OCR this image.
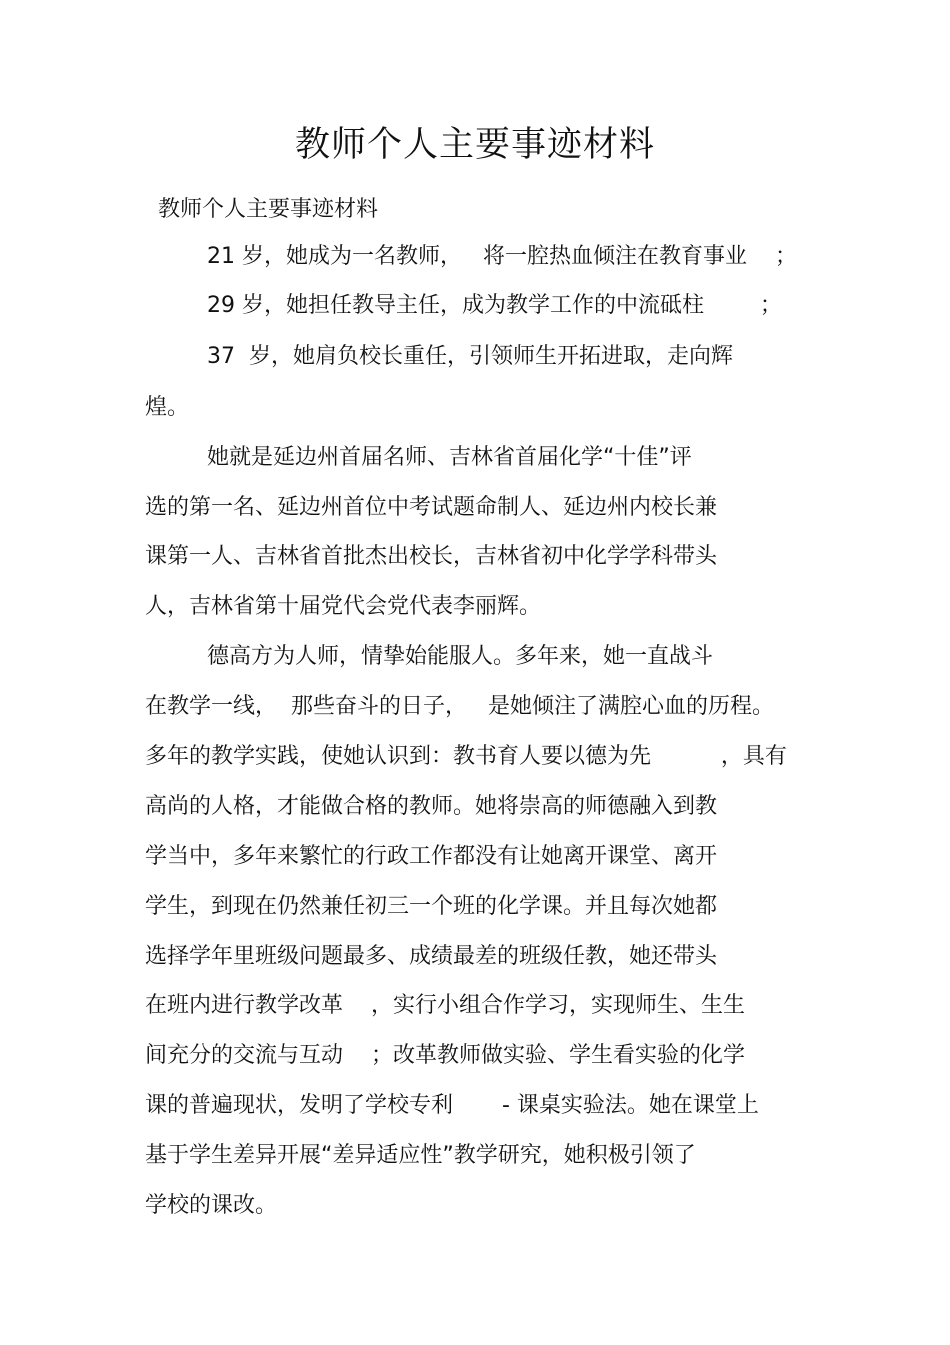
教师个人主要事迹材料
教师个人主要事迹材料
21 岁，她成为一名教师，   将一腔热血倾注在教育事业    ；
29 岁，她担任教导主任，成为教学工作的中流砥柱        ；
37  岁，她肩负校长重任，引领师生开拓进取，走向辉
煌。
她就是延边州首届名师、吉林省首届化学“十佳”评
选的第一名、延边州首位中考试题命制人、延边州内校长兼
课第一人、吉林省首批杰出校长，吉林省初中化学学科带头
人，吉林省第十届党代会党代表李丽辉。
德高方为人师，情挚始能服人。多年来，她一直战斗
在教学一线，  那些奋斗的日子，   是她倾注了满腔心血的历程。
多年的教学实践，使她认识到：教书育人要以德为先          ，具有
高尚的人格，才能做合格的教师。她将崇高的师德融入到教
学当中，多年来繁忙的行政工作都没有让她离开课堂、离开
学生，到现在仍然兼任初三一个班的化学课。并且每次她都
选择学年里班级问题最多、成绩最差的班级任教，她还带头
在班内进行教学改革    ，实行小组合作学习，实现师生、生生
间充分的交流与互动    ；改革教师做实验、学生看实验的化学
课的普遍现状，发明了学校专利       - 课桌实验法。她在课堂上
基于学生差异开展“差异适应性”教学研究，她积极引领了
学校的课改。
